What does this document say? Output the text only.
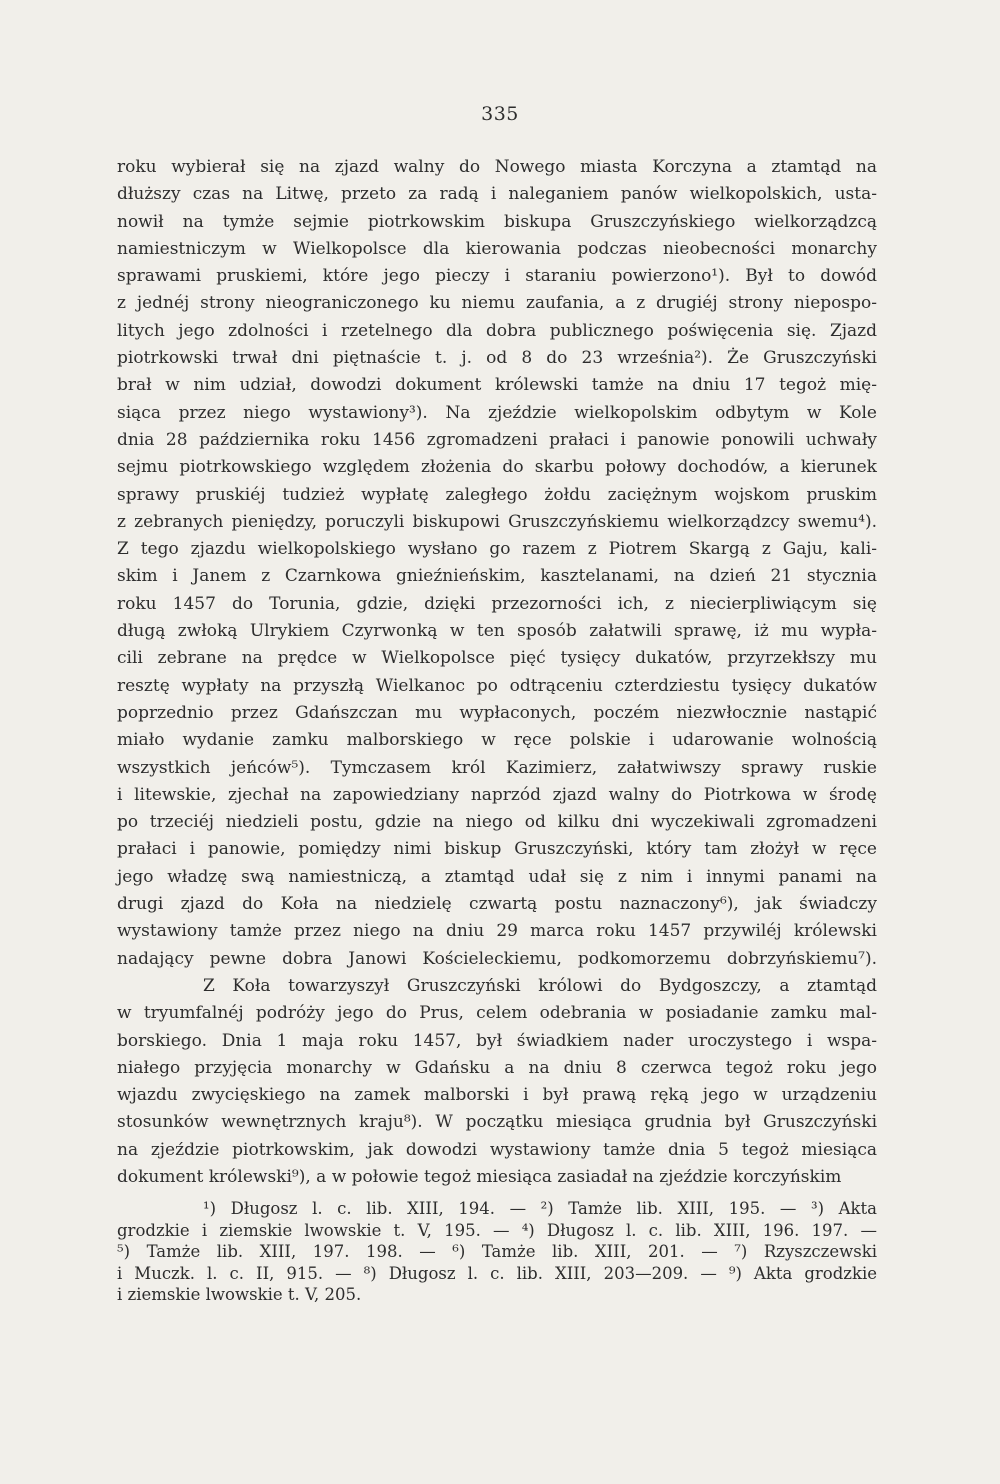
335
roku wybierał się na zjazd walny do Nowego miasta Korczyna a ztamtąd na
dłuższy czas na Litwę, przeto za radą i naleganiem panów wielkopolskich, usta-
nowił na tymże sejmie piotrkowskim biskupa Gruszczyńskiego wielkorządzcą
namiestniczym w Wielkopolsce dla kierowania podczas nieobecności monarchy
sprawami pruskiemi, które jego pieczy i staraniu powierzono¹). Był to dowód
z jednéj strony nieograniczonego ku niemu zaufania, a z drugiéj strony niepospo-
litych jego zdolności i rzetelnego dla dobra publicznego poświęcenia się. Zjazd
piotrkowski trwał dni piętnaście t. j. od 8 do 23 września²). Że Gruszczyński
brał w nim udział, dowodzi dokument królewski tamże na dniu 17 tegoż mię-
siąca przez niego wystawiony³). Na zjeździe wielkopolskim odbytym w Kole
dnia 28 października roku 1456 zgromadzeni prałaci i panowie ponowili uchwały
sejmu piotrkowskiego względem złożenia do skarbu połowy dochodów, a kierunek
sprawy pruskiéj tudzież wypłatę zaległego żołdu zaciężnym wojskom pruskim
z zebranych pieniędzy, poruczyli biskupowi Gruszczyńskiemu wielkorządzcy swemu⁴).
Z tego zjazdu wielkopolskiego wysłano go razem z Piotrem Skargą z Gaju, kali-
skim i Janem z Czarnkowa gnieźnieńskim, kasztelanami, na dzień 21 stycznia
roku 1457 do Torunia, gdzie, dzięki przezorności ich, z niecierpliwiącym się
długą zwłoką Ulrykiem Czyrwonką w ten sposób załatwili sprawę, iż mu wypła-
cili zebrane na prędce w Wielkopolsce pięć tysięcy dukatów, przyrzekłszy mu
resztę wypłaty na przyszłą Wielkanoc po odtrąceniu czterdziestu tysięcy dukatów
poprzednio przez Gdańszczan mu wypłaconych, poczém niezwłocznie nastąpić
miało wydanie zamku malborskiego w ręce polskie i udarowanie wolnością
wszystkich jeńców⁵). Tymczasem król Kazimierz, załatwiwszy sprawy ruskie
i litewskie, zjechał na zapowiedziany naprzód zjazd walny do Piotrkowa w środę
po trzeciéj niedzieli postu, gdzie na niego od kilku dni wyczekiwali zgromadzeni
prałaci i panowie, pomiędzy nimi biskup Gruszczyński, który tam złożył w ręce
jego władzę swą namiestniczą, a ztamtąd udał się z nim i innymi panami na
drugi zjazd do Koła na niedzielę czwartą postu naznaczony⁶), jak świadczy
wystawiony tamże przez niego na dniu 29 marca roku 1457 przywiléj królewski
nadający pewne dobra Janowi Kościeleckiemu, podkomorzemu dobrzyńskiemu⁷).
Z Koła towarzyszył Gruszczyński królowi do Bydgoszczy, a ztamtąd
w tryumfalnéj podróży jego do Prus, celem odebrania w posiadanie zamku mal-
borskiego. Dnia 1 maja roku 1457, był świadkiem nader uroczystego i wspa-
niałego przyjęcia monarchy w Gdańsku a na dniu 8 czerwca tegoż roku jego
wjazdu zwycięskiego na zamek malborski i był prawą ręką jego w urządzeniu
stosunków wewnętrznych kraju⁸). W początku miesiąca grudnia był Gruszczyński
na zjeździe piotrkowskim, jak dowodzi wystawiony tamże dnia 5 tegoż miesiąca
dokument królewski⁹), a w połowie tegoż miesiąca zasiadał na zjeździe korczyńskim
¹) Długosz l. c. lib. XIII, 194. — ²) Tamże lib. XIII, 195. — ³) Akta
grodzkie i ziemskie lwowskie t. V, 195. — ⁴) Długosz l. c. lib. XIII, 196. 197. —
⁵) Tamże lib. XIII, 197. 198. — ⁶) Tamże lib. XIII, 201. — ⁷) Rzyszczewski
i Muczk. l. c. II, 915. — ⁸) Długosz l. c. lib. XIII, 203—209. — ⁹) Akta grodzkie
i ziemskie lwowskie t. V, 205.
